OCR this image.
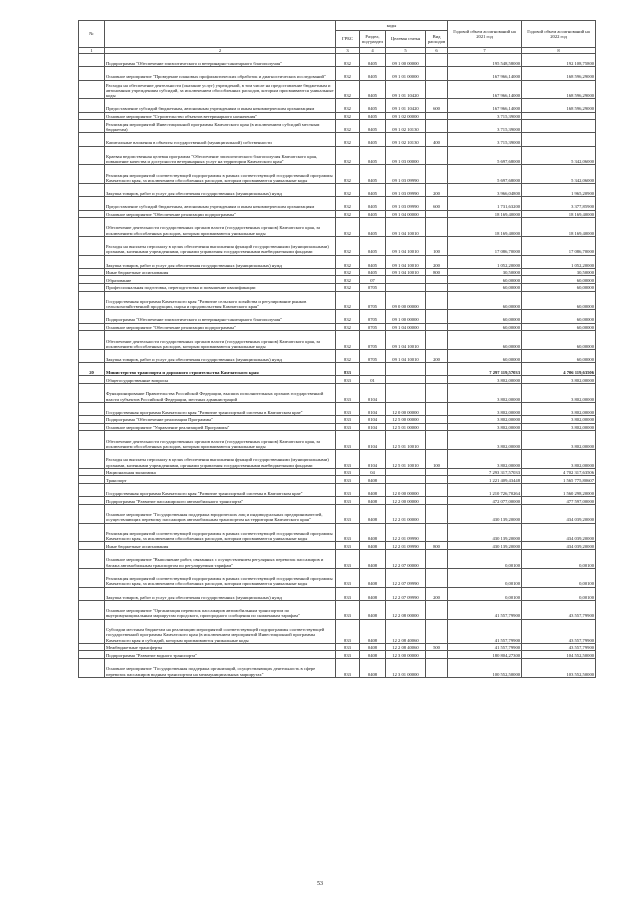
№		коды				Годовой объем ассигнований на 2021 год	Годовой объем ассигнований на 2022 год
		ГРБС	Раздел, под-раздел	Целевая статья	Вид расходов		
1	2	3	4	5	6	7	8
	Подпрограмма "Обеспечение эпизоотического и ветеринарно-санитарного благополучия"	832	0405	09 1 00 00000		195 548,58000	192 108,75800
	Основное мероприятие "Проведение плановых профилактических обработок и диагностических исследований"	832	0405	09 1 01 00000		167 966,14000	168 596,29000
	Расходы на обеспечение деятельности (оказание услуг) учреждений, в том числе на предоставление бюджетным и автономным учреждениям субсидий, за исключением обособленных расходов, которым присваиваются уникальные коды	832	0405	09 1 01 10420		167 966,14000	168 596,29000
	Предоставление субсидий бюджетным, автономным учреждениям и иным некоммерческим организациям	832	0405	09 1 01 10420	600	167 966,14000	168 596,29000
	Основное мероприятие "Строительство объектов ветеринарного назначения"	832	0405	09 1 02 00000		3 715,39000	
	Реализация мероприятий Инвестиционной программы Камчатского края (в исключением субсидий местным бюджетам)	832	0405	09 1 02 10130		3 715,39000	
	Капитальные вложения в объекты государственной (муниципальной) собственности	832	0405	09 1 02 10130	400	3 715,39000	
	Краевая ведомственная целевая программа "Обеспечение эпизоотического благополучия Камчатского края, повышение качества и доступности ветеринарных услуг на территории Камчатского края"	832	0405	09 1 03 00000		5 697,68000	5 342,06000
	Реализация мероприятий соответствующей подпрограммы в рамках соответствующей государственной программы Камчатского края, за исключением обособленных расходов, которым присваиваются уникальные коды	832	0405	09 1 03 09990		5 697,68000	5 342,06000
	Закупка товаров, работ и услуг для обеспечения государственных (муниципальных) нужд	832	0405	09 1 03 09990	200	3 966,04800	1 965,20900
	Предоставление субсидий бюджетным, автономным учреждениям и иным некоммерческим организациям	832	0405	09 1 03 09990	600	1 731,63200	3 377,85900
	Основное мероприятие "Обеспечение реализации подпрограммы"	832	0405	09 1 04 00000		18 169,40000	18 169,40000
	Обеспечение деятельности государственных органов власти (государственных органов) Камчатского края, за исключением обособленных расходов, которым присваиваются уникальные коды	832	0405	09 1 04 10010		18 169,40000	18 169,40000
	Расходы на выплаты персоналу в целях обеспечения выполнения функций государственными (муниципальными) органами, казенными учреждениями, органами управления государственными внебюджетными фондами	832	0405	09 1 04 10010	100	17 086,70000	17 086,70000
	Закупка товаров, работ и услуг для обеспечения государственных (муниципальных) нужд	832	0405	09 1 04 10010	200	1 052,20000	1 052,20000
	Иные бюджетные ассигнования	832	0405	09 1 04 10010	800	30,50000	30,50000
	Образование	832	07			60,00000	60,00000
	Профессиональная подготовка, переподготовка и повышение квалификации	832	0705			60,00000	60,00000
	Государственная программа Камчатского края "Развитие сельского хозяйства и регулирование рынков сельскохозяйственной продукции, сырья и продовольствия Камчатского края"	832	0705	09 0 00 00000		60,00000	60,00000
	Подпрограмма "Обеспечение эпизоотического и ветеринарно-санитарного благополучия"	832	0705	09 1 00 00000		60,00000	60,00000
	Основное мероприятие "Обеспечение реализации подпрограммы"	832	0705	09 1 04 00000		60,00000	60,00000
	Обеспечение деятельности государственных органов власти (государственных органов) Камчатского края, за исключением обособленных расходов, которым присваиваются уникальные коды	832	0705	09 1 04 10010		60,00000	60,00000
	Закупка товаров, работ и услуг для обеспечения государственных (муниципальных) нужд	832	0705	09 1 04 10010	200	60,00000	60,00000
20	Министерство транспорта и дорожного строительства Камчатского края	833				7 297 119,57033	4 706 119,63506
	Общегосударственные вопросы	833	01			3 802,00000	3 802,00000
	Функционирование Правительства Российской Федерации, высших исполнительных органов государственной власти субъектов Российской Федерации, местных администраций	833	0104			3 802,00000	3 802,00000
	Государственная программа Камчатского края "Развитие транспортной системы в Камчатском крае"	833	0104	12 0 00 00000		3 802,00000	3 802,00000
	Подпрограмма "Обеспечение реализации Программы"	833	0104	12 5 00 00000		3 802,00000	3 802,00000
	Основное мероприятие "Управление реализацией Программы"	833	0104	12 5 01 00000		3 802,00000	3 802,00000
	Обеспечение деятельности государственных органов власти (государственных органов) Камчатского края, за исключением обособленных расходов, которым присваиваются уникальные коды	833	0104	12 5 01 10010		3 802,00000	3 802,00000
	Расходы на выплаты персоналу в целях обеспечения выполнения функций государственными (муниципальными) органами, казенными учреждениями, органами управления государственными внебюджетными фондами	833	0104	12 5 01 10010	100	3 802,00000	3 802,00000
	Национальная экономика	833	04			7 293 317,57033	4 702 317,63506
	Транспорт	833	0408			1 221 409,43448	1 565 775,80607
	Государственная программа Камчатского края "Развитие транспортной системы в Камчатском крае"	833	0408	12 0 00 00000		1 210 726,70264	1 560 298,20000
	Подпрограмма "Развитие пассажирского автомобильного транспорта"	833	0408	12 2 00 00000		472 077,00000	477 597,00000
	Основное мероприятие "Государственная поддержка юридических лиц и индивидуальных предпринимателей, осуществляющих перевозку пассажиров автомобильным транспортом на территории Камчатского края"	833	0408	12 2 01 00000		430 139,20000	434 039,20000
	Реализация мероприятий соответствующей подпрограммы в рамках соответствующей государственной программы Камчатского края, за исключением обособленных расходов, которым присваиваются уникальные коды	833	0408	12 2 01 09990		430 139,20000	434 039,20000
	Иные бюджетные ассигнования	833	0408	12 2 01 09990	800	430 139,20000	434 039,20000
	Основное мероприятие "Выполнение работ, связанных с осуществлением регулярных перевозок пассажиров и багажа автомобильным транспортом по регулируемым тарифам"	833	0408	12 2 07 00000		0,00100	0,00100
	Реализация мероприятий соответствующей подпрограммы в рамках соответствующей государственной программы Камчатского края, за исключением обособленных расходов, которым присваиваются уникальные коды	833	0408	12 2 07 09990		0,00100	0,00100
	Закупка товаров, работ и услуг для обеспечения государственных (муниципальных) нужд	833	0408	12 2 07 09990	200	0,00100	0,00100
	Основное мероприятие "Организация перевозок пассажиров автомобильным транспортом по внутримуниципальным маршрутам городского, пригородного сообщения по сниженным тарифам"	833	0408	12 2 08 00000		41 557,79900	43 557,79900
	Субсидии местным бюджетам на реализацию мероприятий соответствующей подпрограммы соответствующей государственной программы Камчатского края (в исключением мероприятий Инвестиционной программы Камчатского края и субсидий, которым присваиваются уникальные коды	833	0408	12 2 08 40060		41 557,79900	43 557,79900
	Межбюджетные трансферты	833	0408	12 2 08 40060	500	41 557,79900	43 557,79900
	Подпрограмма "Развитие водного транспорта"	833	0408	12 3 00 00000		180 804,27300	104 552,50000
	Основное мероприятие "Государственная поддержка организаций, осуществляющих деятельность в сфере перевозок пассажиров водным транспортом на межмуниципальных маршрутах"	833	0408	12 3 01 00000		100 552,50000	103 552,50000
53
